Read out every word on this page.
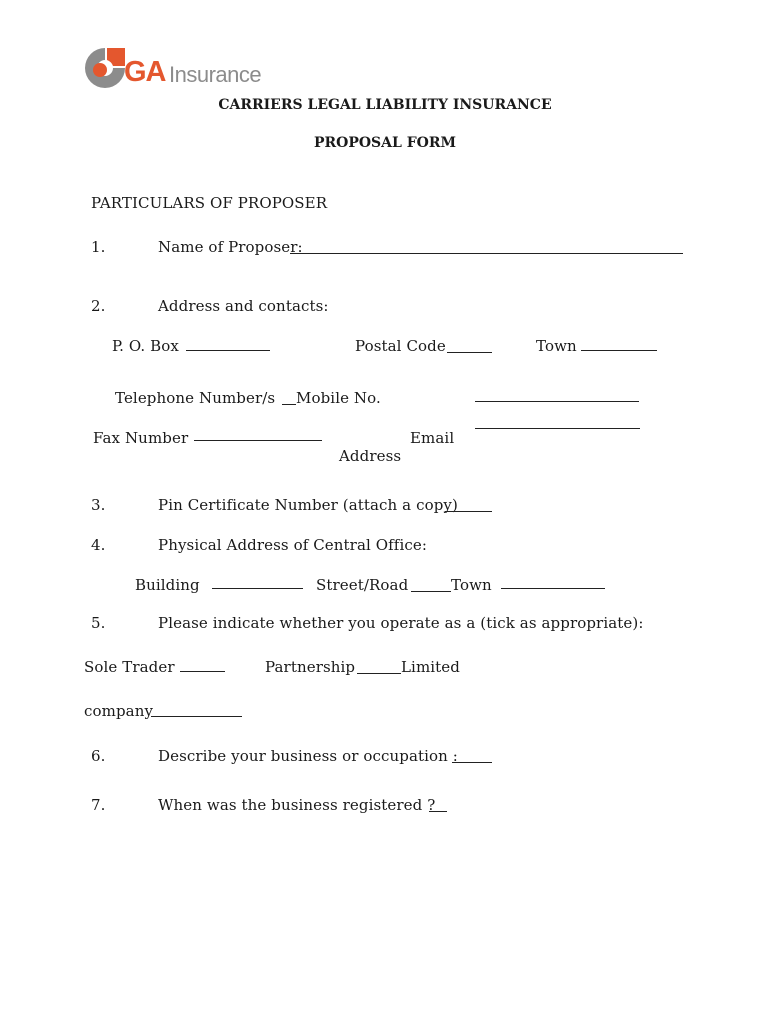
GA Insurance
CARRIERS LEGAL LIABILITY INSURANCE
PROPOSAL FORM
PARTICULARS OF PROPOSER
1.	Name of Proposer:
2.	Address and contacts:
P. O. Box	Postal Code	Town
Telephone Number/s Mobile No.
Fax Number	Email
Address
3.	Pin Certificate Number (attach a copy)
4.	Physical Address of Central Office:
Building	Street/Road	Town
5.	Please indicate whether you operate as a (tick as appropriate):
Sole Trader	Partnership	Limited
company
6.	Describe your business or occupation :
7.	When was the business registered ?
